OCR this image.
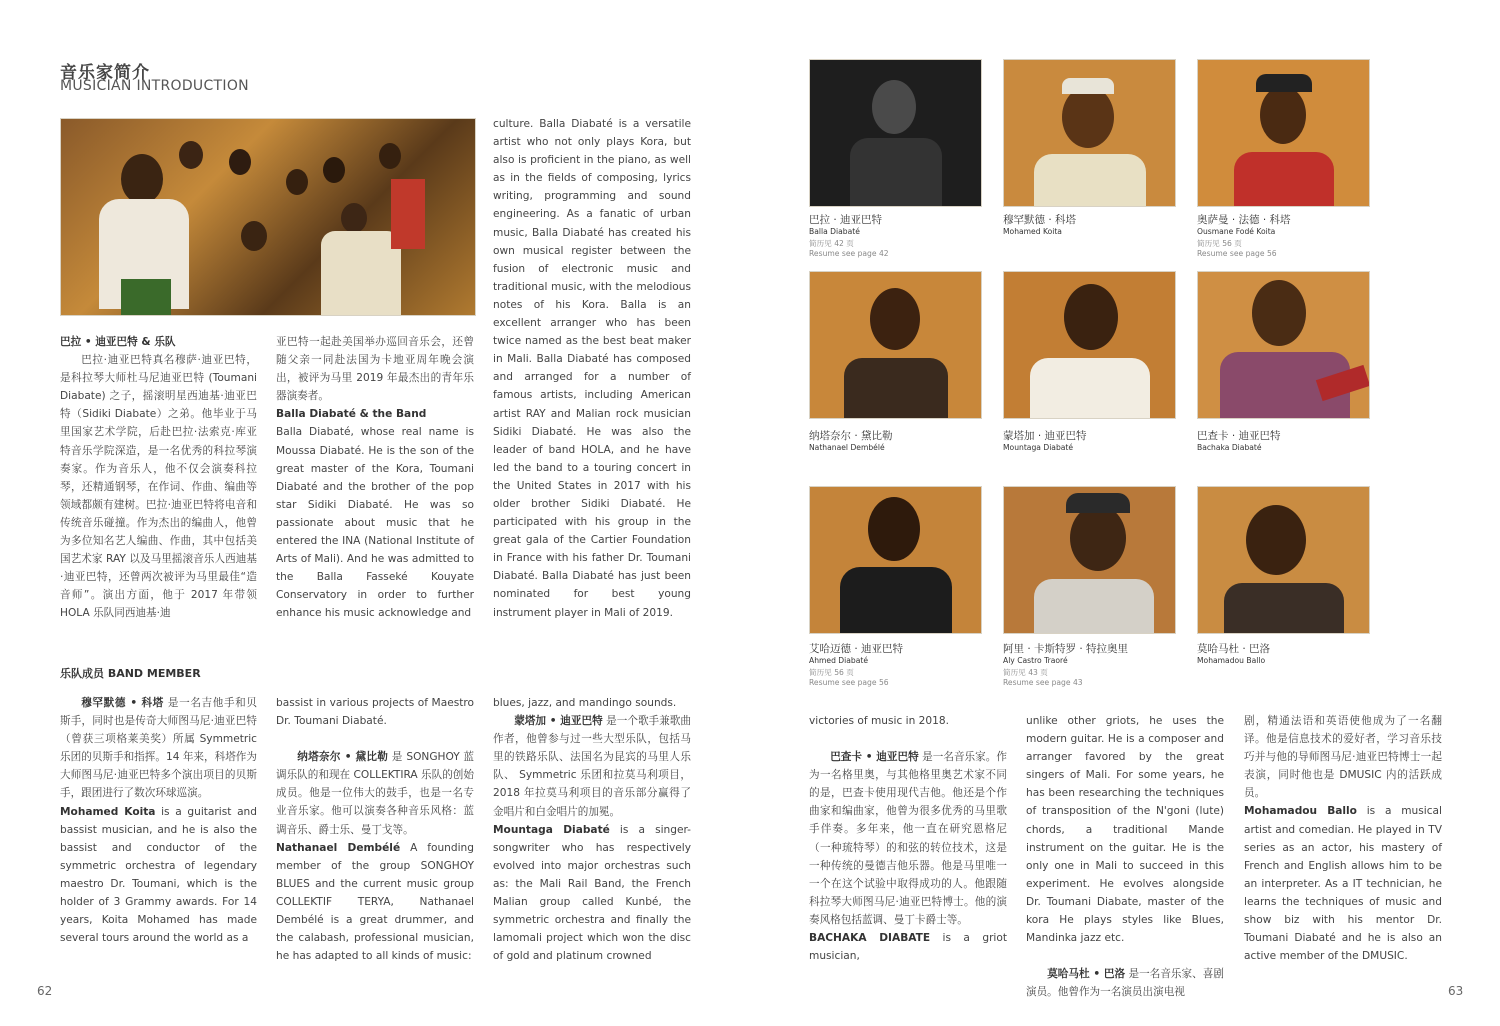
音乐家简介
MUSICIAN INTRODUCTION

巴拉 • 迪亚巴特 & 乐队

巴拉·迪亚巴特真名穆萨·迪亚巴特，是科拉琴大师杜马尼迪亚巴特 (Toumani Diabate) 之子，摇滚明星西迪基·迪亚巴特（Sidiki Diabate）之弟。他毕业于马里国家艺术学院，后赴巴拉·法索克·库亚特音乐学院深造，是一名优秀的科拉琴演奏家。作为音乐人，他不仅会演奏科拉琴，还精通钢琴，在作词、作曲、编曲等领域都颇有建树。巴拉·迪亚巴特将电音和传统音乐碰撞。作为杰出的编曲人，他曾为多位知名艺人编曲、作曲，其中包括美国艺术家 RAY 以及马里摇滚音乐人西迪基·迪亚巴特，还曾两次被评为马里最佳“造音师”。演出方面，他于 2017 年带领 HOLA 乐队同西迪基·迪

亚巴特一起赴美国举办巡回音乐会，还曾随父亲一同赴法国为卡地亚周年晚会演出，被评为马里 2019 年最杰出的青年乐器演奏者。

Balla Diabaté & the Band

Balla Diabaté, whose real name is Moussa Diabaté. He is the son of the great master of the Kora, Toumani Diabaté and the brother of the pop star Sidiki Diabaté. He was so passionate about music that he entered the INA (National Institute of Arts of Mali). And he was admitted to the Balla Fasseké Kouyate Conservatory in order to further enhance his music acknowledge and

culture. Balla Diabaté is a versatile artist who not only plays Kora, but also is proficient in the piano, as well as in the fields of composing, lyrics writing, programming and sound engineering. As a fanatic of urban music, Balla Diabaté has created his own musical register between the fusion of electronic music and traditional music, with the melodious notes of his Kora. Balla is an excellent arranger who has been twice named as the best beat maker in Mali. Balla Diabaté has composed and arranged for a number of famous artists, including American artist RAY and Malian rock musician Sidiki Diabaté. He was also the leader of band HOLA, and he have led the band to a touring concert in the United States in 2017 with his older brother Sidiki Diabaté. He participated with his group in the great gala of the Cartier Foundation in France with his father Dr. Toumani Diabaté. Balla Diabaté has just been nominated for best young instrument player in Mali of 2019.

乐队成员 BAND MEMBER

穆罕默德 • 科塔 是一名吉他手和贝斯手，同时也是传奇大师图马尼·迪亚巴特（曾获三项格莱美奖）所属 Symmetric 乐团的贝斯手和指挥。14 年来，科塔作为大师图马尼·迪亚巴特多个演出项目的贝斯手，跟团进行了数次环球巡演。

Mohamed Koita is a guitarist and bassist musician, and he is also the bassist and conductor of the symmetric orchestra of legendary maestro Dr. Toumani, which is the holder of 3 Grammy awards. For 14 years, Koita Mohamed has made several tours around the world as a

bassist in various projects of Maestro Dr. Toumani Diabaté.

纳塔奈尔 • 黛比勒 是 SONGHOY 蓝调乐队的和现在 COLLEKTIRA 乐队的创始成员。他是一位伟大的鼓手，也是一名专业音乐家。他可以演奏各种音乐风格：蓝调音乐、爵士乐、曼丁戈等。

Nathanael Dembélé A founding member of the group SONGHOY BLUES and the current music group COLLEKTIF TERYA, Nathanael Dembélé is a great drummer, and the calabash, professional musician, he has adapted to all kinds of music:

blues, jazz, and mandingo sounds.

蒙塔加 • 迪亚巴特 是一个歌手兼歌曲作者，他曾参与过一些大型乐队，包括马里的铁路乐队、法国名为昆宾的马里人乐队、 Symmetric 乐团和拉莫马利项目，2018 年拉莫马利项目的音乐部分赢得了金唱片和白金唱片的加冕。

Mountaga Diabaté is a singer-songwriter who has respectively evolved into major orchestras such as: the Mali Rail Band, the French Malian group called Kunbé, the symmetric orchestra and finally the lamomali project which won the disc of gold and platinum crowned

victories of music in 2018.

巴查卡 • 迪亚巴特 是一名音乐家。作为一名格里奥，与其他格里奥艺术家不同的是，巴查卡使用现代吉他。他还是个作曲家和编曲家，他曾为很多优秀的马里歌手伴奏。多年来，他一直在研究恩格尼（一种琉特琴）的和弦的转位技术，这是一种传统的曼德吉他乐器。他是马里唯一一个在这个试验中取得成功的人。他跟随科拉琴大师图马尼·迪亚巴特博士。他的演奏风格包括蓝调、曼丁卡爵士等。

BACHAKA DIABATE is a griot musician,

unlike other griots, he uses the modern guitar. He is a composer and arranger favored by the great singers of Mali. For some years, he has been researching the techniques of transposition of the N'goni (lute) chords, a traditional Mande instrument on the guitar. He is the only one in Mali to succeed in this experiment. He evolves alongside Dr. Toumani Diabate, master of the kora He plays styles like Blues, Mandinka jazz etc.

莫哈马杜 • 巴洛 是一名音乐家、喜剧演员。他曾作为一名演员出演电视

剧，精通法语和英语使他成为了一名翻译。他是信息技术的爱好者，学习音乐技巧并与他的导师图马尼·迪亚巴特博士一起表演，同时他也是 DMUSIC 内的活跃成员。

Mohamadou Ballo is a musical artist and comedian. He played in TV series as an actor, his mastery of French and English allows him to be an interpreter. As a IT technician, he learns the techniques of music and show biz with his mentor Dr. Toumani Diabaté and he is also an active member of the DMUSIC.

巴拉 · 迪亚巴特
Balla Diabaté
简历见 42 页
Resume see page 42
穆罕默德 · 科塔
Mohamed Koita
奥萨曼 · 法德 · 科塔
Ousmane Fodé Koita
简历见 56 页
Resume see page 56
纳塔奈尔 · 黛比勒
Nathanael Dembélé
蒙塔加 · 迪亚巴特
Mountaga Diabaté
巴查卡 · 迪亚巴特
Bachaka Diabaté
艾哈迈德 · 迪亚巴特
Ahmed Diabaté
简历见 56 页
Resume see page 56
阿里 · 卡斯特罗 · 特拉奥里
Aly Castro Traoré
简历见 43 页
Resume see page 43
莫哈马杜 · 巴洛
Mohamadou Ballo
62	63
